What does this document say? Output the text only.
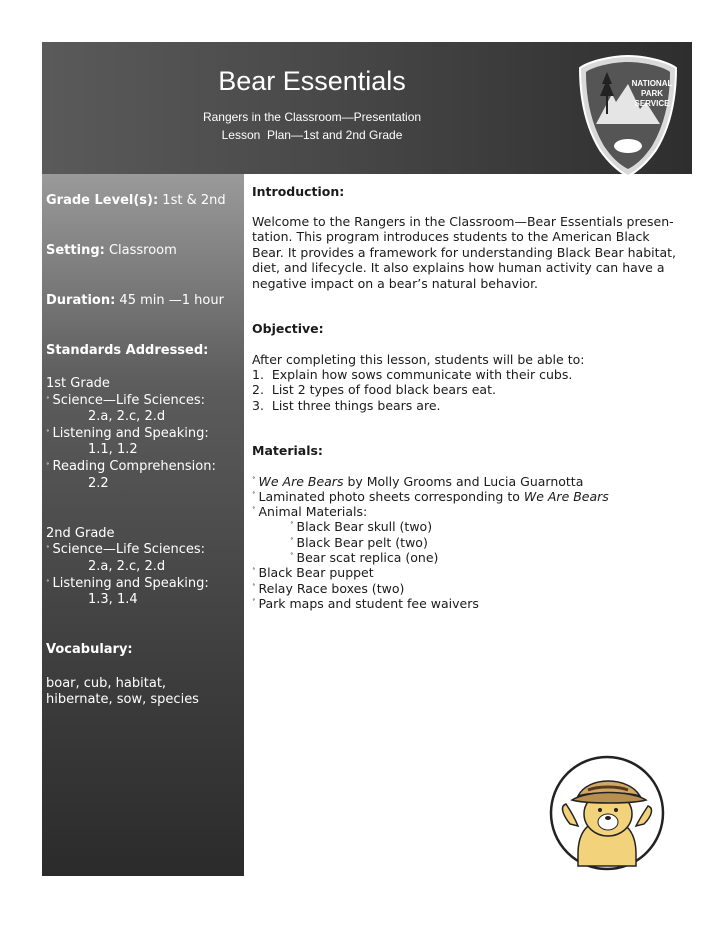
Bear Essentials
Rangers in the Classroom—Presentation
Lesson  Plan—1st and 2nd Grade
NATIONAL
PARK
SERVICE
Grade Level(s): 1st & 2nd
Setting: Classroom
Duration: 45 min —1 hour
Standards Addressed:
1st Grade
˚ Science—Life Sciences:
2.a, 2.c, 2.d
˚ Listening and Speaking:
1.1, 1.2
˚ Reading Comprehension:
2.2
2nd Grade
˚ Science—Life Sciences:
2.a, 2.c, 2.d
˚ Listening and Speaking:
1.3, 1.4
Vocabulary:
boar, cub, habitat,
hibernate, sow, species
Introduction:
Welcome to the Rangers in the Classroom—Bear Essentials presen-
tation. This program introduces students to the American Black
Bear. It provides a framework for understanding Black Bear habitat,
diet, and lifecycle. It also explains how human activity can have a
negative impact on a bear’s natural behavior.
Objective:
After completing this lesson, students will be able to:
1.  Explain how sows communicate with their cubs.
2.  List 2 types of food black bears eat.
3.  List three things bears are.
Materials:
˚ We Are Bears by Molly Grooms and Lucia Guarnotta
˚ Laminated photo sheets corresponding to We Are Bears
˚ Animal Materials:
˚ Black Bear skull (two)
˚ Black Bear pelt (two)
˚ Bear scat replica (one)
˚ Black Bear puppet
˚ Relay Race boxes (two)
˚ Park maps and student fee waivers
